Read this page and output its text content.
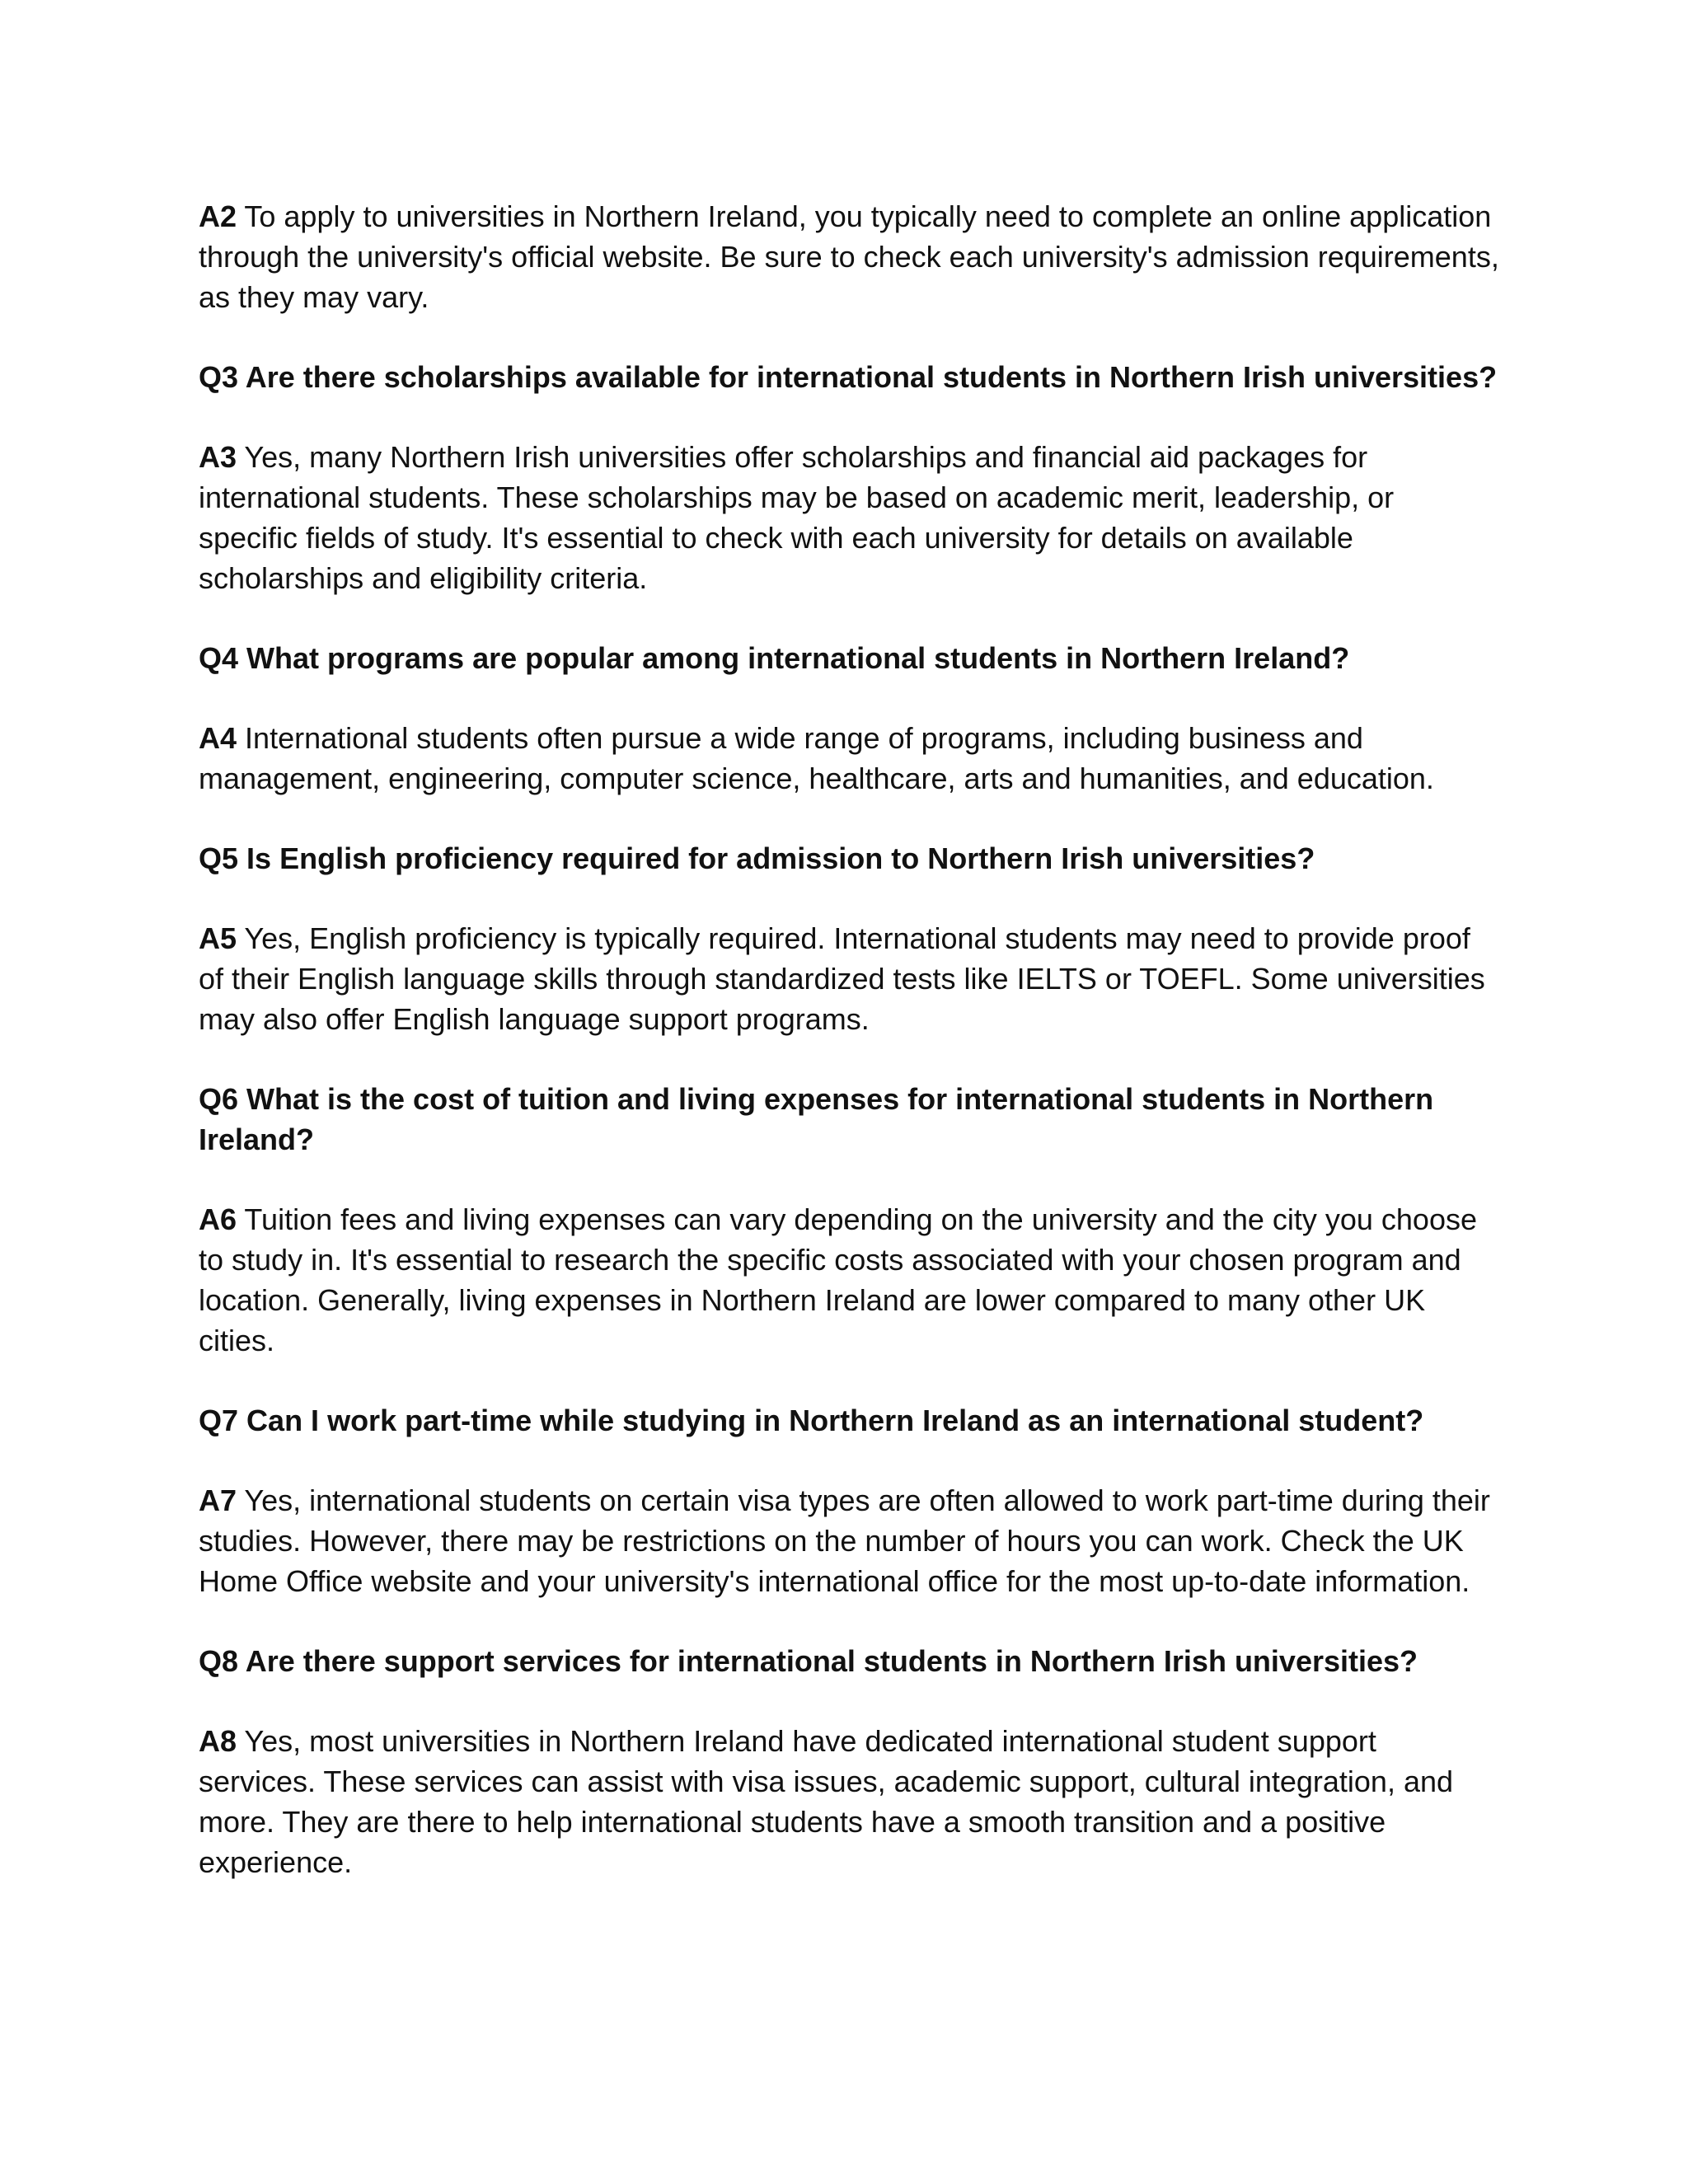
A2 To apply to universities in Northern Ireland, you typically need to complete an online application through the university's official website. Be sure to check each university's admission requirements, as they may vary.

Q3 Are there scholarships available for international students in Northern Irish universities?

A3 Yes, many Northern Irish universities offer scholarships and financial aid packages for international students. These scholarships may be based on academic merit, leadership, or specific fields of study. It's essential to check with each university for details on available scholarships and eligibility criteria.

Q4 What programs are popular among international students in Northern Ireland?

A4 International students often pursue a wide range of programs, including business and management, engineering, computer science, healthcare, arts and humanities, and education.

Q5 Is English proficiency required for admission to Northern Irish universities?

A5 Yes, English proficiency is typically required. International students may need to provide proof of their English language skills through standardized tests like IELTS or TOEFL. Some universities may also offer English language support programs.

Q6 What is the cost of tuition and living expenses for international students in Northern Ireland?

A6 Tuition fees and living expenses can vary depending on the university and the city you choose to study in. It's essential to research the specific costs associated with your chosen program and location. Generally, living expenses in Northern Ireland are lower compared to many other UK cities.

Q7 Can I work part-time while studying in Northern Ireland as an international student?

A7 Yes, international students on certain visa types are often allowed to work part-time during their studies. However, there may be restrictions on the number of hours you can work. Check the UK Home Office website and your university's international office for the most up-to-date information.

Q8 Are there support services for international students in Northern Irish universities?

A8 Yes, most universities in Northern Ireland have dedicated international student support services. These services can assist with visa issues, academic support, cultural integration, and more. They are there to help international students have a smooth transition and a positive experience.
